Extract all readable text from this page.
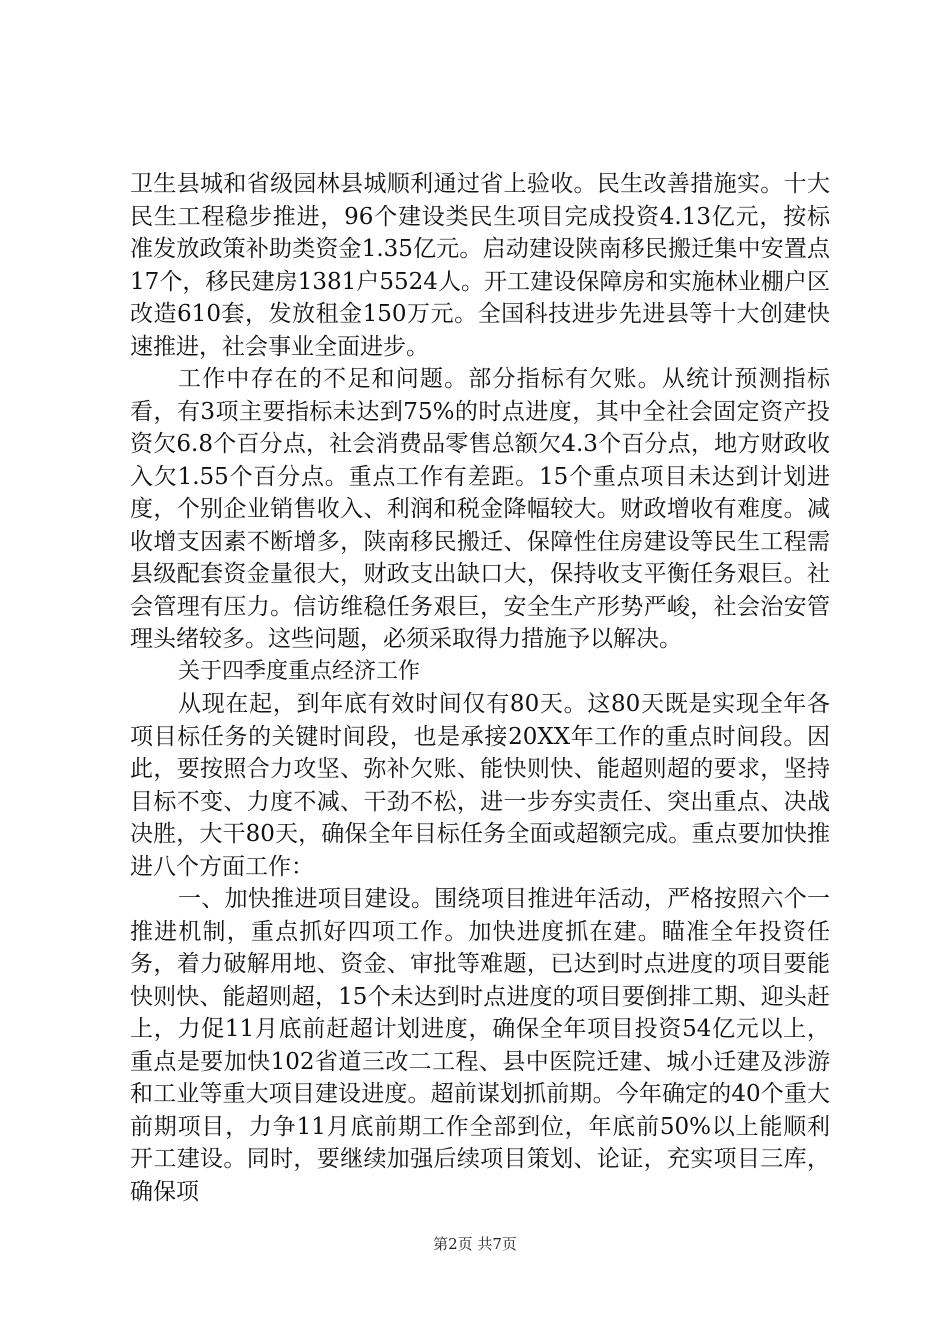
卫生县城和省级园林县城顺利通过省上验收。民生改善措施实。十大民生工程稳步推进，96个建设类民生项目完成投资4.13亿元，按标准发放政策补助类资金1.35亿元。启动建设陕南移民搬迁集中安置点17个，移民建房1381户5524人。开工建设保障房和实施林业棚户区改造610套，发放租金150万元。全国科技进步先进县等十大创建快速推进，社会事业全面进步。

工作中存在的不足和问题。部分指标有欠账。从统计预测指标看，有3项主要指标未达到75%的时点进度，其中全社会固定资产投资欠6.8个百分点，社会消费品零售总额欠4.3个百分点，地方财政收入欠1.55个百分点。重点工作有差距。15个重点项目未达到计划进度，个别企业销售收入、利润和税金降幅较大。财政增收有难度。减收增支因素不断增多，陕南移民搬迁、保障性住房建设等民生工程需县级配套资金量很大，财政支出缺口大，保持收支平衡任务艰巨。社会管理有压力。信访维稳任务艰巨，安全生产形势严峻，社会治安管理头绪较多。这些问题，必须采取得力措施予以解决。

关于四季度重点经济工作

从现在起，到年底有效时间仅有80天。这80天既是实现全年各项目标任务的关键时间段，也是承接20XX年工作的重点时间段。因此，要按照合力攻坚、弥补欠账、能快则快、能超则超的要求，坚持目标不变、力度不减、干劲不松，进一步夯实责任、突出重点、决战决胜，大干80天，确保全年目标任务全面或超额完成。重点要加快推进八个方面工作：

一、加快推进项目建设。围绕项目推进年活动，严格按照六个一推进机制，重点抓好四项工作。加快进度抓在建。瞄准全年投资任务，着力破解用地、资金、审批等难题，已达到时点进度的项目要能快则快、能超则超，15个未达到时点进度的项目要倒排工期、迎头赶上，力促11月底前赶超计划进度，确保全年项目投资54亿元以上，重点是要加快102省道三改二工程、县中医院迁建、城小迁建及涉游和工业等重大项目建设进度。超前谋划抓前期。今年确定的40个重大前期项目，力争11月底前期工作全部到位，年底前50%以上能顺利开工建设。同时，要继续加强后续项目策划、论证，充实项目三库，确保项

第2页 共7页
